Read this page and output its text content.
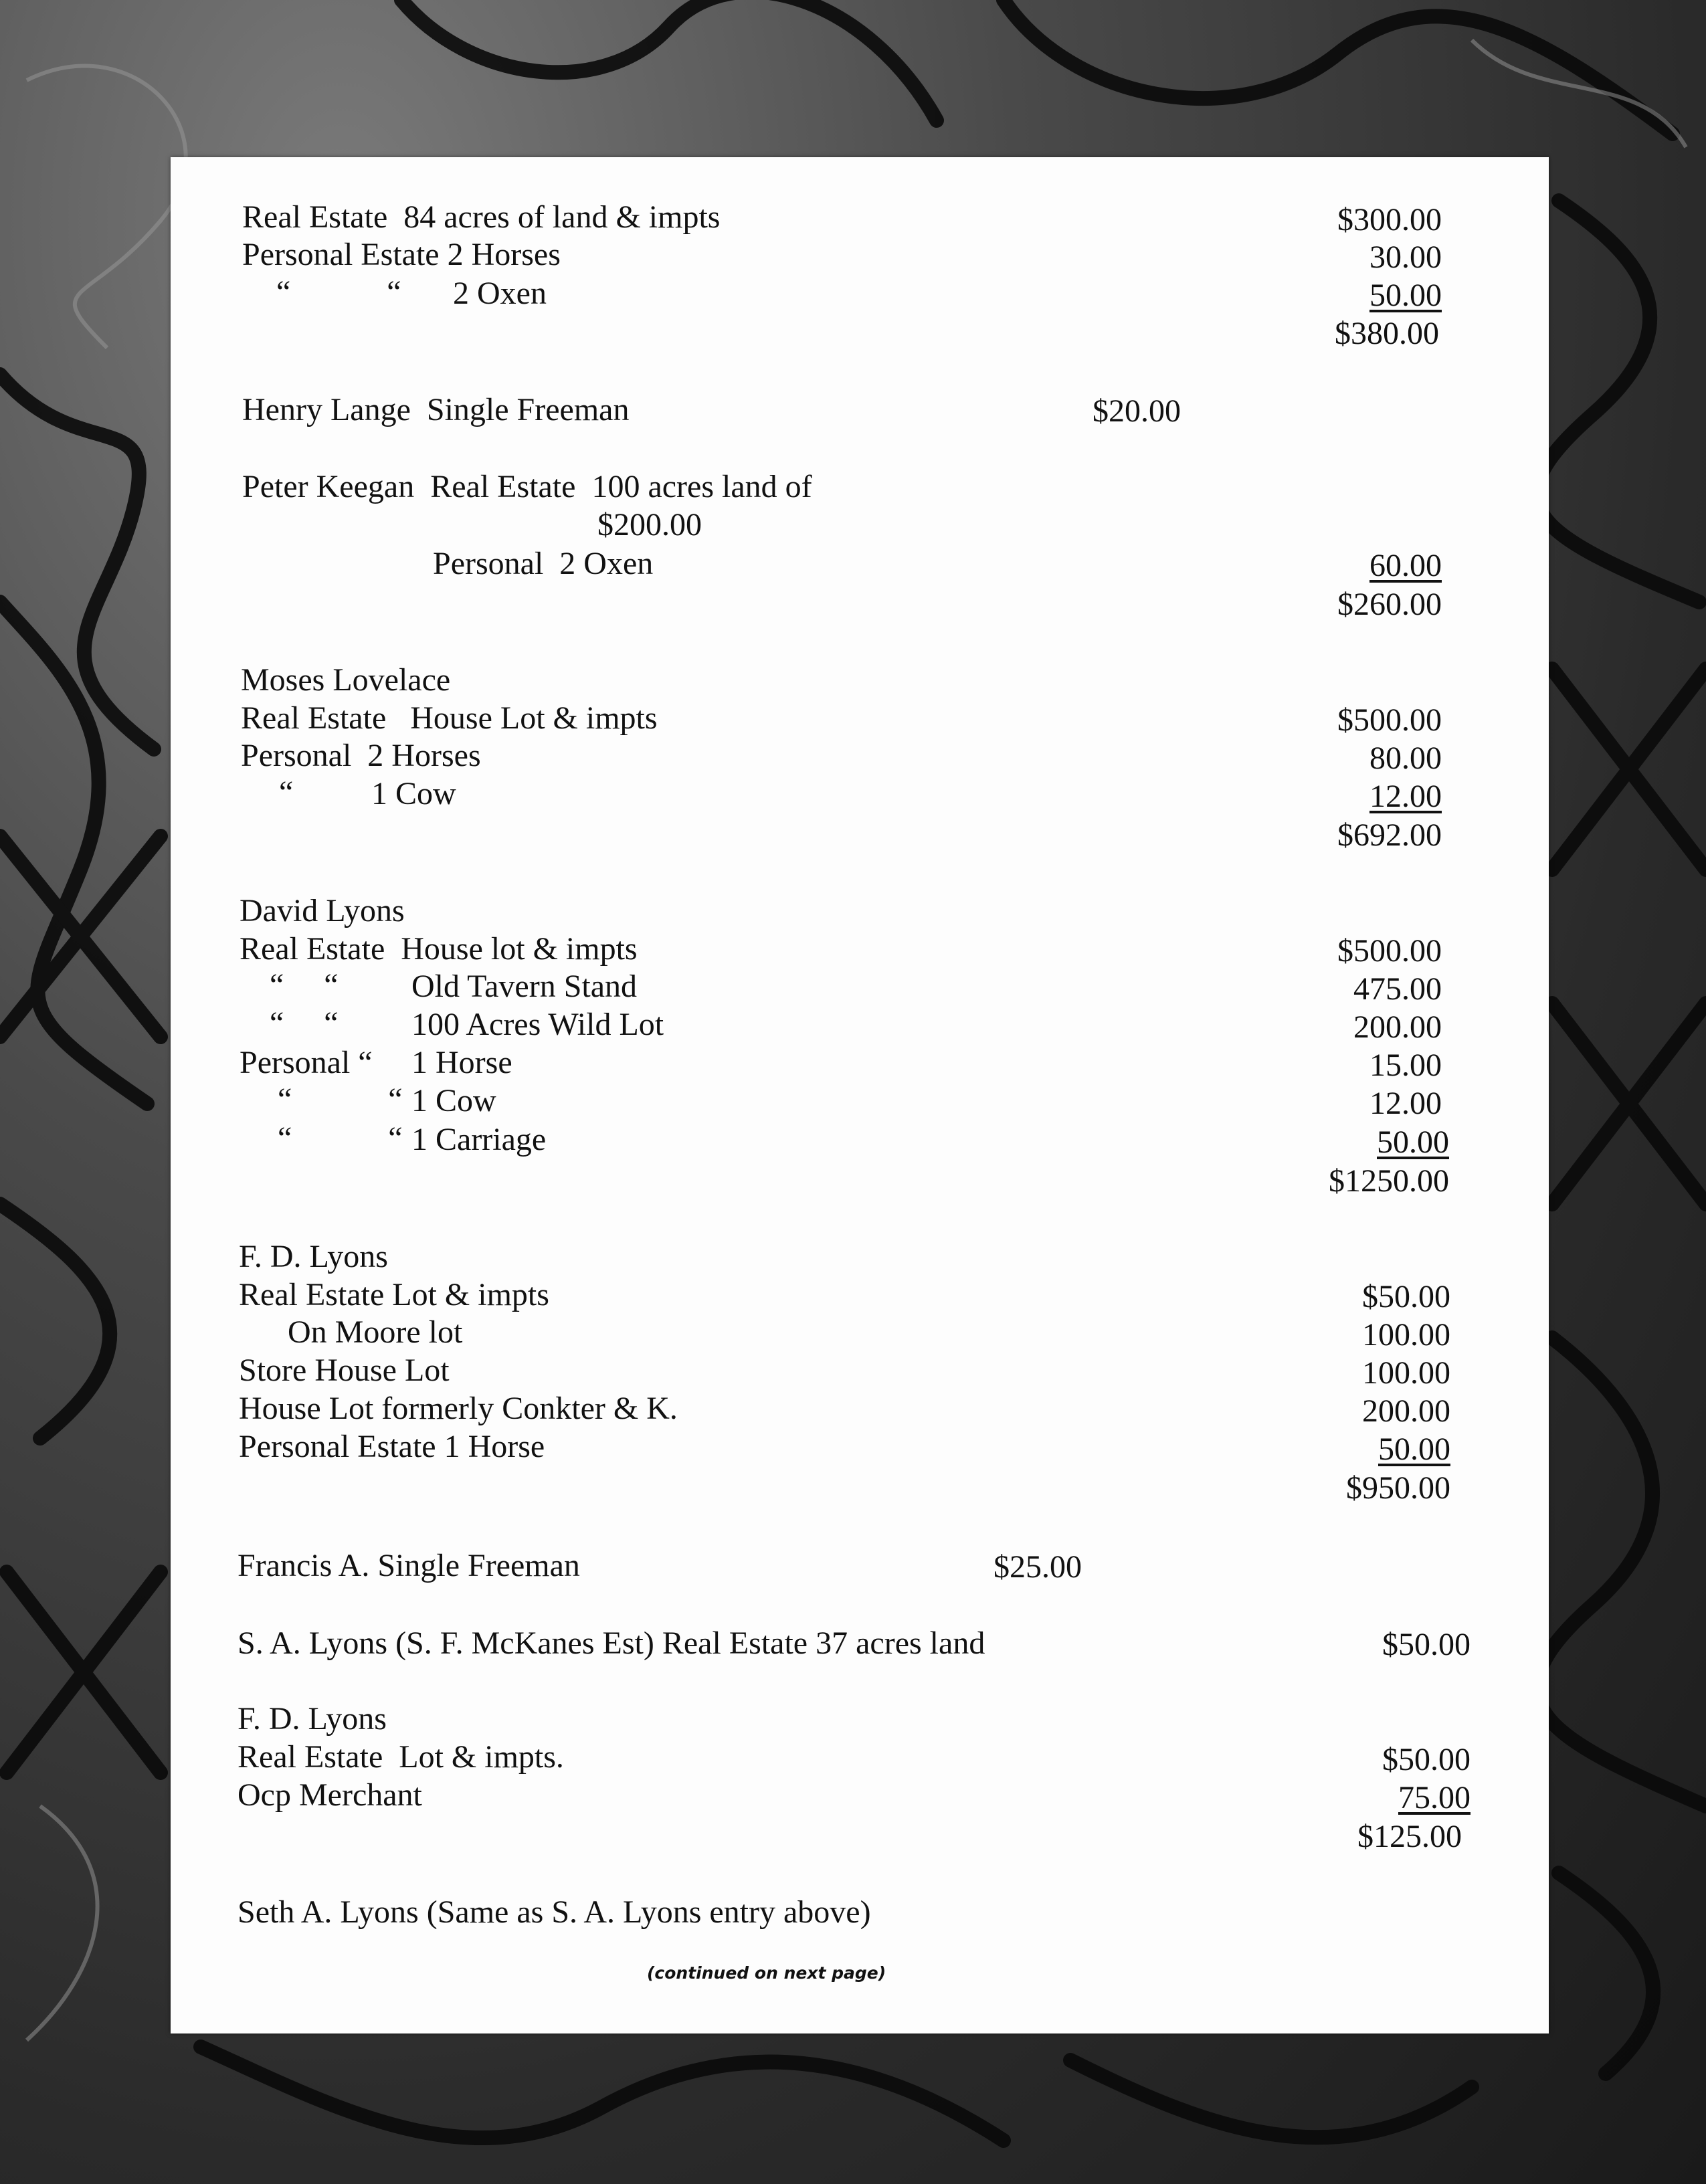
Real Estate  84 acres of land & impts	$300.00
Personal Estate 2 Horses	30.00
“            “ 2 Oxen	50.00
$380.00
Henry Lange  Single Freeman	$20.00
Peter Keegan  Real Estate  100 acres land of
$200.00
Personal  2 Oxen	60.00
$260.00
Moses Lovelace
Real Estate   House Lot & impts	$500.00
Personal  2 Horses	80.00
“ 1 Cow	12.00
$692.00
David Lyons
Real Estate  House lot & impts	$500.00
“     “ Old Tavern Stand	475.00
“     “ 100 Acres Wild Lot	200.00
Personal “ 1 Horse	15.00
“            “ 1 Cow	12.00
“            “ 1 Carriage	50.00
$1250.00
F. D. Lyons
Real Estate Lot & impts	$50.00
On Moore lot	100.00
Store House Lot	100.00
House Lot formerly Conkter & K.	200.00
Personal Estate 1 Horse	50.00
$950.00
Francis A. Single Freeman	$25.00
S. A. Lyons (S. F. McKanes Est) Real Estate 37 acres land	$50.00
F. D. Lyons
Real Estate  Lot & impts.	$50.00
Ocp Merchant	75.00
$125.00
Seth A. Lyons (Same as S. A. Lyons entry above)
(continued on next page)
